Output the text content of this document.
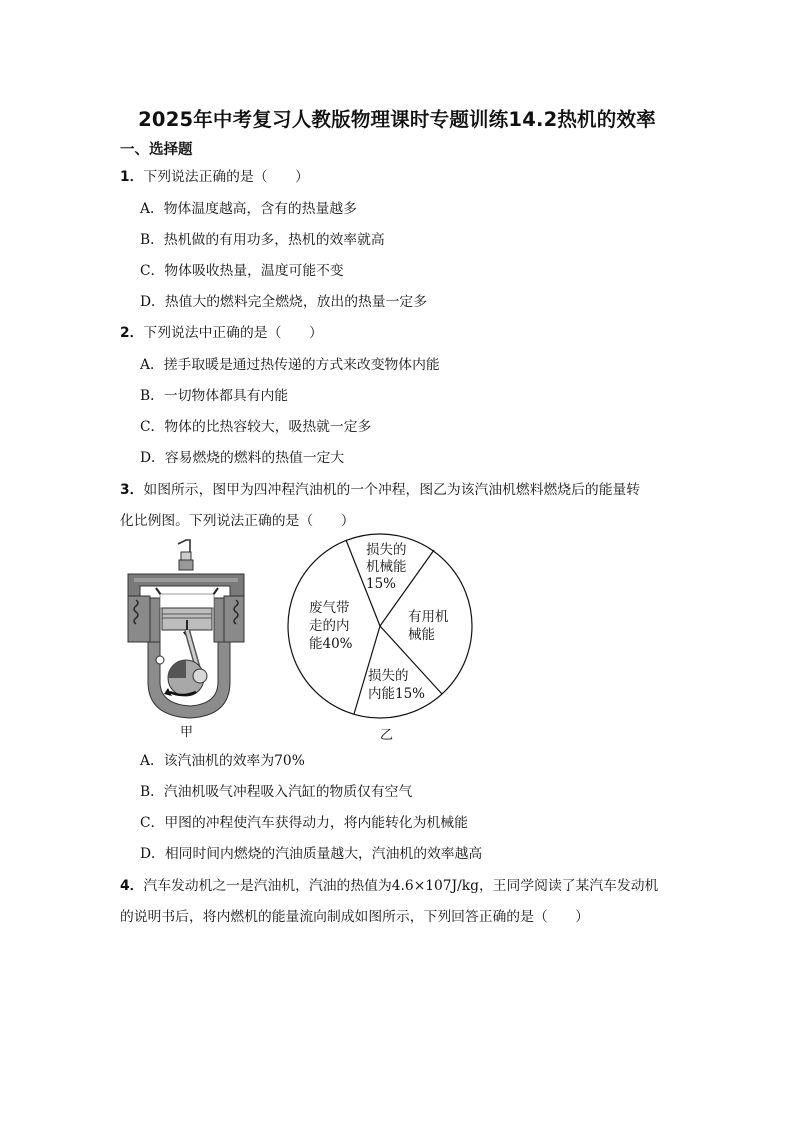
2025年中考复习人教版物理课时专题训练14.2热机的效率
一、选择题
1．下列说法正确的是（　　）
A．物体温度越高，含有的热量越多
B．热机做的有用功多，热机的效率就高
C．物体吸收热量，温度可能不变
D．热值大的燃料完全燃烧，放出的热量一定多
2．下列说法中正确的是（　　）
A．搓手取暖是通过热传递的方式来改变物体内能
B．一切物体都具有内能
C．物体的比热容较大，吸热就一定多
D．容易燃烧的燃料的热值一定大
3．如图所示，图甲为四冲程汽油机的一个冲程，图乙为该汽油机燃料燃烧后的能量转
化比例图。下列说法正确的是（　　）
甲
损失的
机械能
15%
有用机
械能
废气带
走的内
能40%
损失的
内能15%
乙
A．该汽油机的效率为70%
B．汽油机吸气冲程吸入汽缸的物质仅有空气
C．甲图的冲程使汽车获得动力，将内能转化为机械能
D．相同时间内燃烧的汽油质量越大，汽油机的效率越高
4．汽车发动机之一是汽油机，汽油的热值为4.6×107J/kg，王同学阅读了某汽车发动机
的说明书后，将内燃机的能量流向制成如图所示，下列回答正确的是（　　）
